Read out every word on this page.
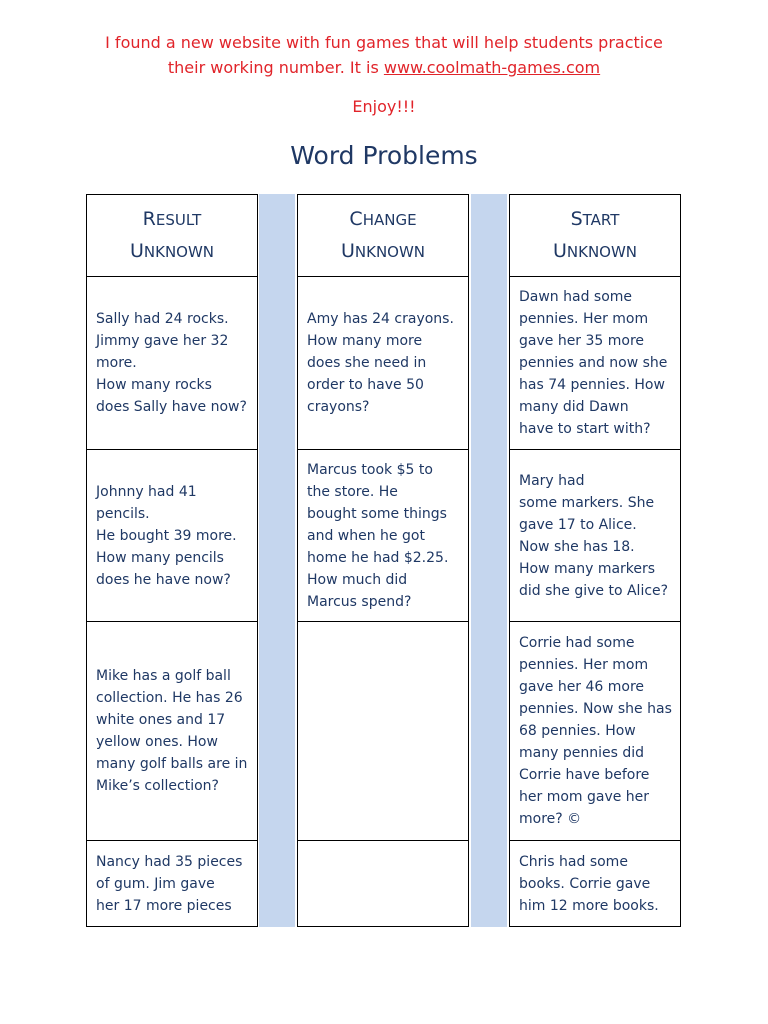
I found a new website with fun games that will help students practice
their working number. It is www.coolmath-games.com
Enjoy!!!
Word Problems
RESULT
UNKNOWN
Sally had 24 rocks.
Jimmy gave her 32
more.
How many rocks
does Sally have now?
Johnny had 41
pencils.
He bought 39 more.
How many pencils
does he have now?
Mike has a golf ball
collection. He has 26
white ones and 17
yellow ones. How
many golf balls are in
Mike’s collection?
Nancy had 35 pieces
of gum. Jim gave
her 17 more pieces
CHANGE
UNKNOWN
Amy has 24 crayons.
How many more
does she need in
order to have 50
crayons?
Marcus took $5 to
the store. He
bought some things
and when he got
home he had $2.25.
How much did
Marcus spend?
START
UNKNOWN
Dawn had some
pennies. Her mom
gave her 35 more
pennies and now she
has 74 pennies. How
many did Dawn
have to start with?
Mary had
some markers. She
gave 17 to Alice.
Now she has 18.
How many markers
did she give to Alice?
Corrie had some
pennies. Her mom
gave her 46 more
pennies. Now she has
68 pennies. How
many pennies did
Corrie have before
her mom gave her
more? ©
Chris had some
books. Corrie gave
him 12 more books.
